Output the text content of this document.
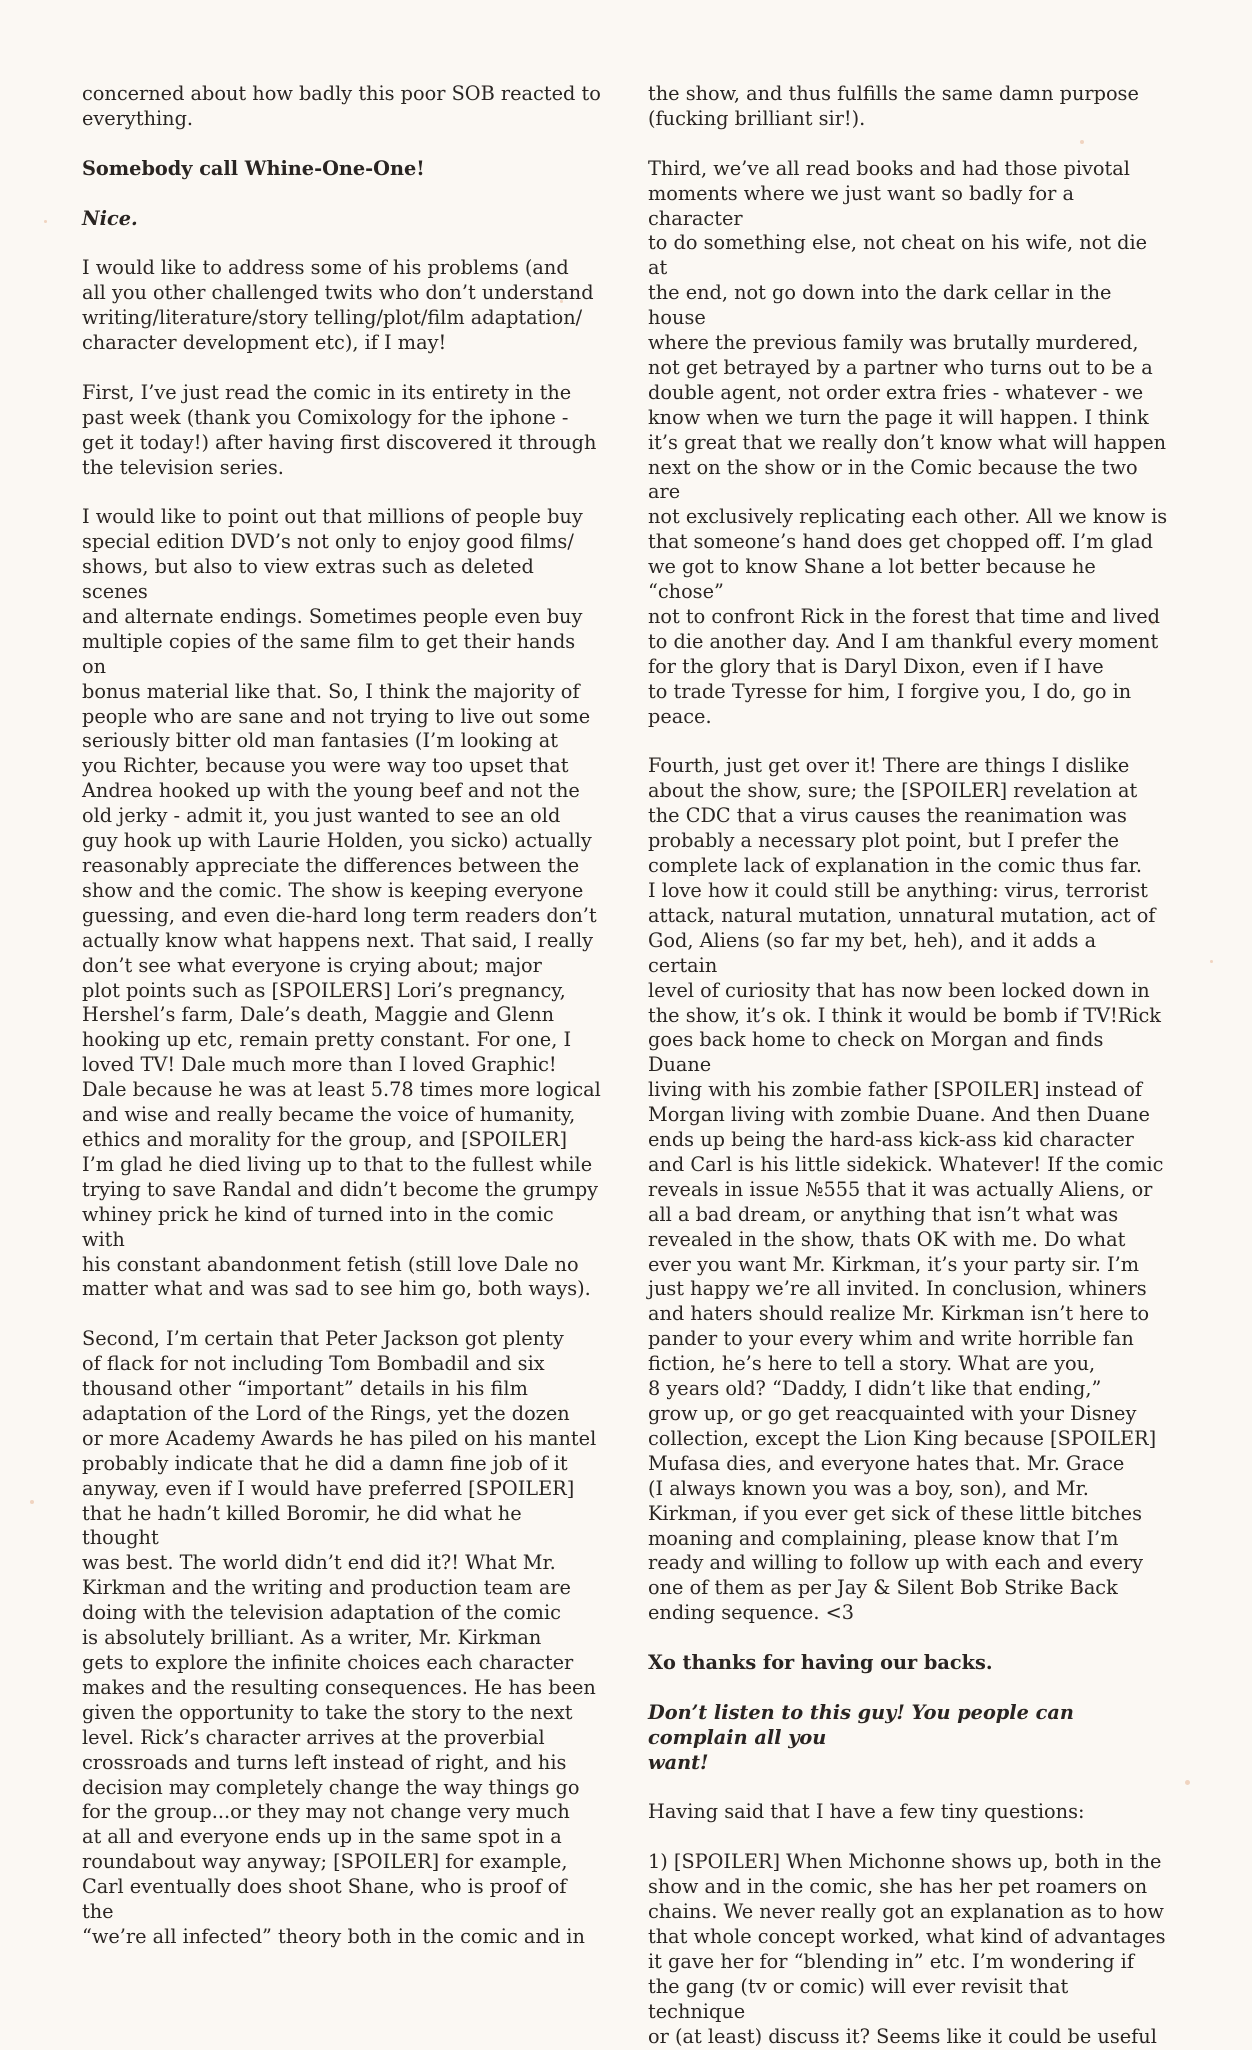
concerned about how badly this poor SOB reacted to
everything.

Somebody call Whine-One-One!

Nice.

I would like to address some of his problems (and
all you other challenged twits who don’t understand
writing/literature/story telling/plot/film adaptation/
character development etc), if I may!

First, I’ve just read the comic in its entirety in the
past week (thank you Comixology for the iphone -
get it today!) after having first discovered it through
the television series.

I would like to point out that millions of people buy
special edition DVD’s not only to enjoy good films/
shows, but also to view extras such as deleted scenes
and alternate endings. Sometimes people even buy
multiple copies of the same film to get their hands on
bonus material like that. So, I think the majority of
people who are sane and not trying to live out some
seriously bitter old man fantasies (I’m looking at
you Richter, because you were way too upset that
Andrea hooked up with the young beef and not the
old jerky - admit it, you just wanted to see an old
guy hook up with Laurie Holden, you sicko) actually
reasonably appreciate the differences between the
show and the comic. The show is keeping everyone
guessing, and even die-hard long term readers don’t
actually know what happens next. That said, I really
don’t see what everyone is crying about; major
plot points such as [SPOILERS] Lori’s pregnancy,
Hershel’s farm, Dale’s death, Maggie and Glenn
hooking up etc, remain pretty constant. For one, I
loved TV! Dale much more than I loved Graphic!
Dale because he was at least 5.78 times more logical
and wise and really became the voice of humanity,
ethics and morality for the group, and [SPOILER]
I’m glad he died living up to that to the fullest while
trying to save Randal and didn’t become the grumpy
whiney prick he kind of turned into in the comic with
his constant abandonment fetish (still love Dale no
matter what and was sad to see him go, both ways).

Second, I’m certain that Peter Jackson got plenty
of flack for not including Tom Bombadil and six
thousand other “important” details in his film
adaptation of the Lord of the Rings, yet the dozen
or more Academy Awards he has piled on his mantel
probably indicate that he did a damn fine job of it
anyway, even if I would have preferred [SPOILER]
that he hadn’t killed Boromir, he did what he thought
was best. The world didn’t end did it?! What Mr.
Kirkman and the writing and production team are
doing with the television adaptation of the comic
is absolutely brilliant. As a writer, Mr. Kirkman
gets to explore the infinite choices each character
makes and the resulting consequences. He has been
given the opportunity to take the story to the next
level. Rick’s character arrives at the proverbial
crossroads and turns left instead of right, and his
decision may completely change the way things go
for the group...or they may not change very much
at all and everyone ends up in the same spot in a
roundabout way anyway; [SPOILER] for example,
Carl eventually does shoot Shane, who is proof of the
“we’re all infected” theory both in the comic and in

the show, and thus fulfills the same damn purpose
(fucking brilliant sir!).

Third, we’ve all read books and had those pivotal
moments where we just want so badly for a character
to do something else, not cheat on his wife, not die at
the end, not go down into the dark cellar in the house
where the previous family was brutally murdered,
not get betrayed by a partner who turns out to be a
double agent, not order extra fries - whatever - we
know when we turn the page it will happen. I think
it’s great that we really don’t know what will happen
next on the show or in the Comic because the two are
not exclusively replicating each other. All we know is
that someone’s hand does get chopped off. I’m glad
we got to know Shane a lot better because he “chose”
not to confront Rick in the forest that time and lived
to die another day. And I am thankful every moment
for the glory that is Daryl Dixon, even if I have
to trade Tyresse for him, I forgive you, I do, go in
peace.

Fourth, just get over it! There are things I dislike
about the show, sure; the [SPOILER] revelation at
the CDC that a virus causes the reanimation was
probably a necessary plot point, but I prefer the
complete lack of explanation in the comic thus far.
I love how it could still be anything: virus, terrorist
attack, natural mutation, unnatural mutation, act of
God, Aliens (so far my bet, heh), and it adds a certain
level of curiosity that has now been locked down in
the show, it’s ok. I think it would be bomb if TV!Rick
goes back home to check on Morgan and finds Duane
living with his zombie father [SPOILER] instead of
Morgan living with zombie Duane. And then Duane
ends up being the hard-ass kick-ass kid character
and Carl is his little sidekick. Whatever! If the comic
reveals in issue №555 that it was actually Aliens, or
all a bad dream, or anything that isn’t what was
revealed in the show, thats OK with me. Do what
ever you want Mr. Kirkman, it’s your party sir. I’m
just happy we’re all invited. In conclusion, whiners
and haters should realize Mr. Kirkman isn’t here to
pander to your every whim and write horrible fan
fiction, he’s here to tell a story. What are you,
8 years old? “Daddy, I didn’t like that ending,”
grow up, or go get reacquainted with your Disney
collection, except the Lion King because [SPOILER]
Mufasa dies, and everyone hates that. Mr. Grace
(I always known you was a boy, son), and Mr.
Kirkman, if you ever get sick of these little bitches
moaning and complaining, please know that I’m
ready and willing to follow up with each and every
one of them as per Jay & Silent Bob Strike Back
ending sequence. <3

Xo thanks for having our backs.

Don’t listen to this guy! You people can complain all you
want!

Having said that I have a few tiny questions:

1) [SPOILER] When Michonne shows up, both in the
show and in the comic, she has her pet roamers on
chains. We never really got an explanation as to how
that whole concept worked, what kind of advantages
it gave her for “blending in” etc. I’m wondering if
the gang (tv or comic) will ever revisit that technique
or (at least) discuss it? Seems like it could be useful
